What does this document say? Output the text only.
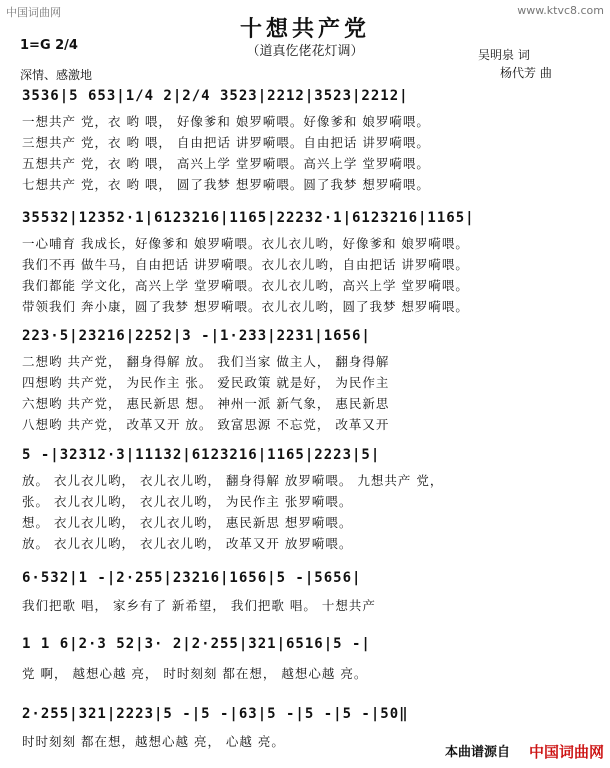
中国词曲网	www.ktvc8.com
十想共产党
（道真仡佬花灯调）
1=G 2/4
深情、感激地
吴明泉 词
杨代芳 曲
3536|5 653|1/4 2|2/4 3523|2212|3523|2212|
一想共产 党，衣 哟 喂， 好像爹和 娘罗嗬喂。好像爹和 娘罗嗬喂。
三想共产 党，衣 哟 喂， 自由把话 讲罗嗬喂。自由把话 讲罗嗬喂。
五想共产 党，衣 哟 喂， 高兴上学 堂罗嗬喂。高兴上学 堂罗嗬喂。
七想共产 党，衣 哟 喂， 圆了我梦 想罗嗬喂。圆了我梦 想罗嗬喂。
35532|12352·1|6123216|1165|22232·1|6123216|1165|
一心哺育 我成长，好像爹和 娘罗嗬喂。衣儿衣儿哟，好像爹和 娘罗嗬喂。
我们不再 做牛马，自由把话 讲罗嗬喂。衣儿衣儿哟，自由把话 讲罗嗬喂。
我们都能 学文化，高兴上学 堂罗嗬喂。衣儿衣儿哟，高兴上学 堂罗嗬喂。
带领我们 奔小康，圆了我梦 想罗嗬喂。衣儿衣儿哟，圆了我梦 想罗嗬喂。
223·5|23216|2252|3 -|1·233|2231|1656|
二想哟 共产党， 翻身得解 放。 我们当家 做主人， 翻身得解
四想哟 共产党， 为民作主 张。 爱民政策 就是好， 为民作主
六想哟 共产党， 惠民新思 想。 神州一派 新气象， 惠民新思
八想哟 共产党， 改革又开 放。 致富思源 不忘党， 改革又开
5 -|32312·3|11132|6123216|1165|2223|5|
放。 衣儿衣儿哟， 衣儿衣儿哟， 翻身得解 放罗嗬喂。 九想共产 党，
张。 衣儿衣儿哟， 衣儿衣儿哟， 为民作主 张罗嗬喂。
想。 衣儿衣儿哟， 衣儿衣儿哟， 惠民新思 想罗嗬喂。
放。 衣儿衣儿哟， 衣儿衣儿哟， 改革又开 放罗嗬喂。
6·532|1 -|2·255|23216|1656|5 -|5656|
我们把歌 唱， 家乡有了 新希望， 我们把歌 唱。 十想共产
1 1 6|2·3 52|3· 2|2·255|321|6516|5 -|
党 啊， 越想心越 亮， 时时刻刻 都在想， 越想心越 亮。
2·255|321|2223|5 -|5 -|63|5 -|5 -|5 -|50‖
时时刻刻 都在想，越想心越 亮， 心越 亮。
本曲谱源自 中国词曲网
